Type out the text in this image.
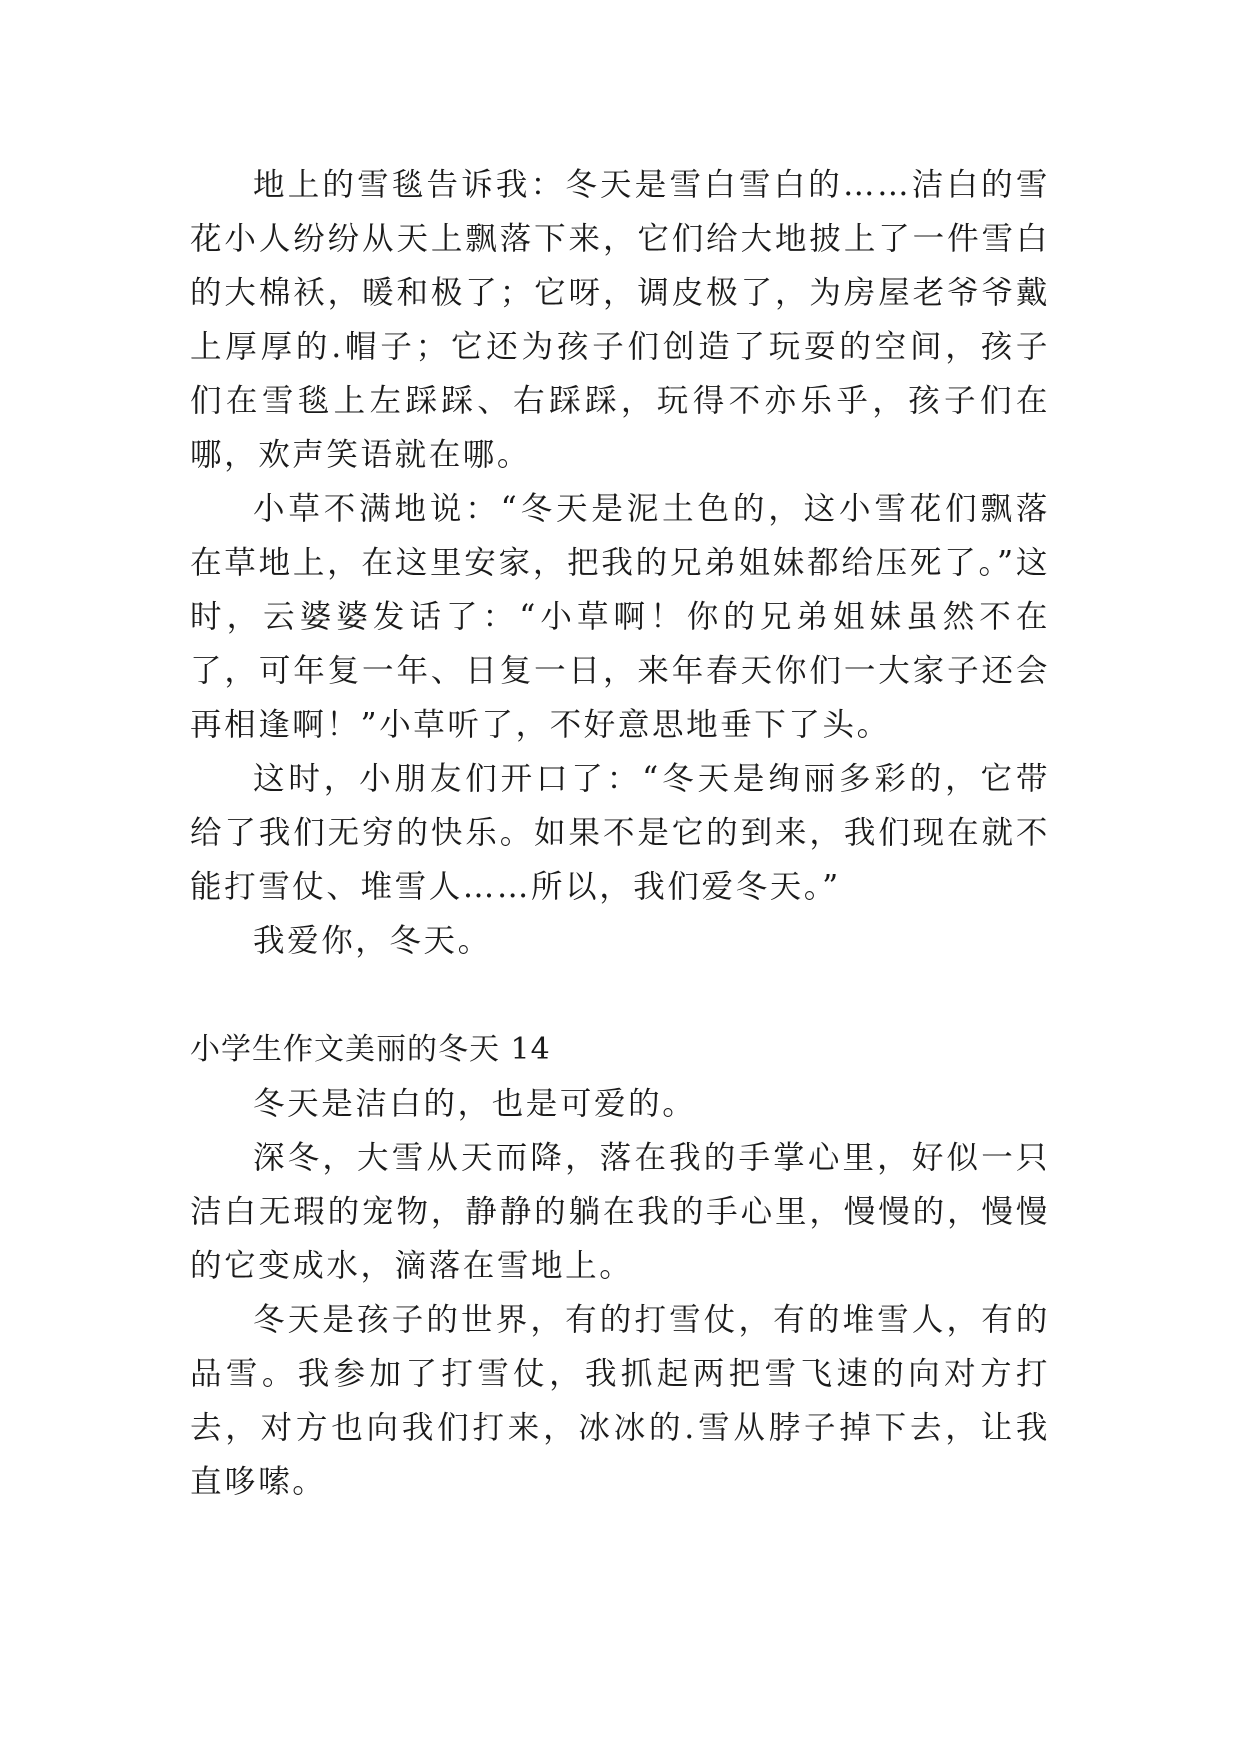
地上的雪毯告诉我：冬天是雪白雪白的……洁白的雪花小人纷纷从天上飘落下来，它们给大地披上了一件雪白的大棉袄，暖和极了；它呀，调皮极了，为房屋老爷爷戴上厚厚的.帽子；它还为孩子们创造了玩耍的空间，孩子们在雪毯上左踩踩、右踩踩，玩得不亦乐乎，孩子们在哪，欢声笑语就在哪。

小草不满地说：“冬天是泥土色的，这小雪花们飘落在草地上，在这里安家，把我的兄弟姐妹都给压死了。”这时，云婆婆发话了：“小草啊！你的兄弟姐妹虽然不在了，可年复一年、日复一日，来年春天你们一大家子还会再相逢啊！”小草听了，不好意思地垂下了头。

这时，小朋友们开口了：“冬天是绚丽多彩的，它带给了我们无穷的快乐。如果不是它的到来，我们现在就不能打雪仗、堆雪人……所以，我们爱冬天。”

我爱你，冬天。

小学生作文美丽的冬天 14

冬天是洁白的，也是可爱的。

深冬，大雪从天而降，落在我的手掌心里，好似一只洁白无瑕的宠物，静静的躺在我的手心里，慢慢的，慢慢的它变成水，滴落在雪地上。

冬天是孩子的世界，有的打雪仗，有的堆雪人，有的品雪。我参加了打雪仗，我抓起两把雪飞速的向对方打去，对方也向我们打来，冰冰的.雪从脖子掉下去，让我直哆嗦。
